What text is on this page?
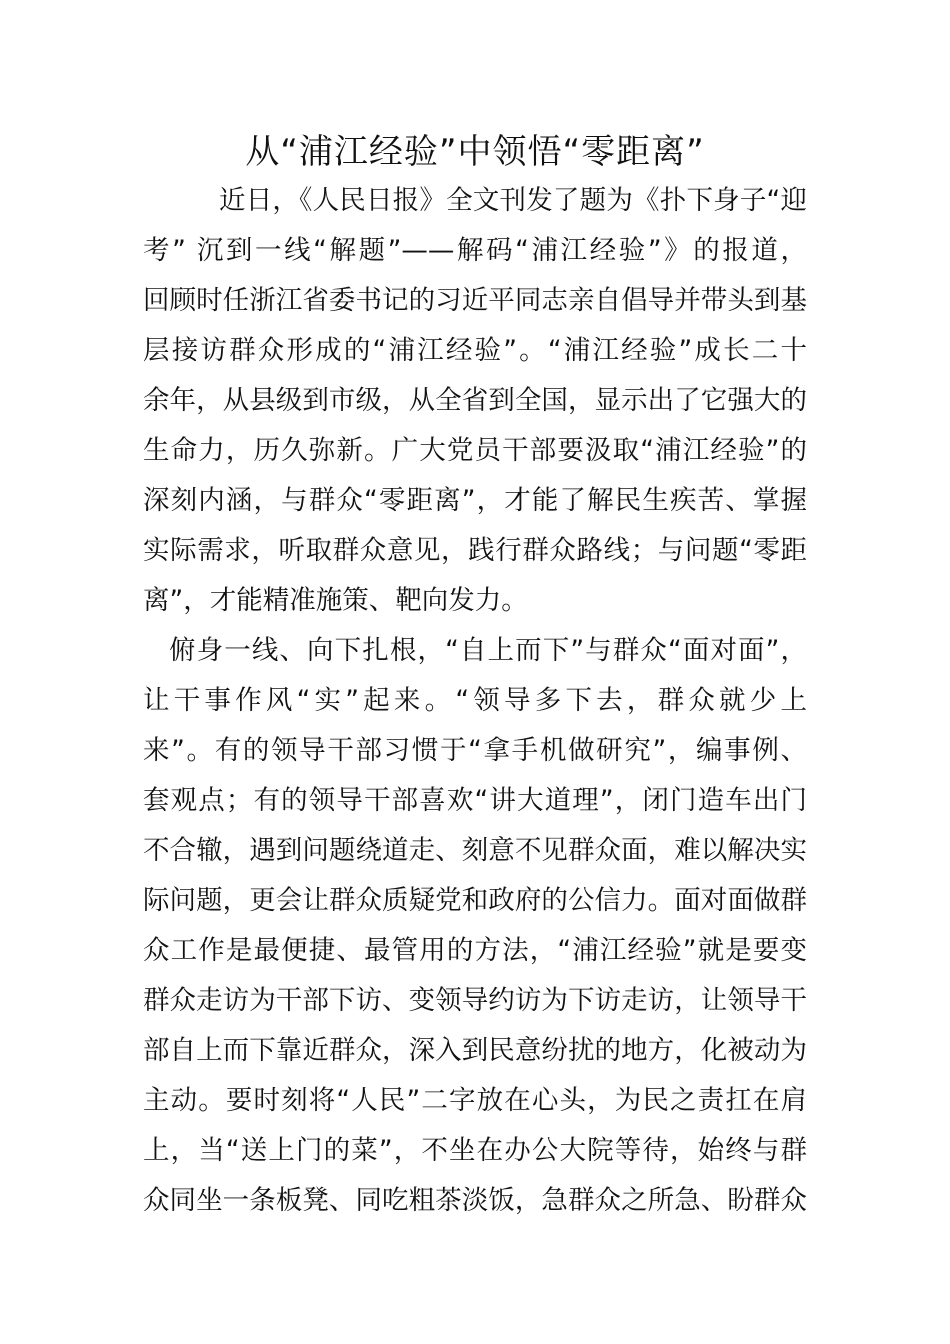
从“浦江经验”中领悟“零距离”

近日，《人民日报》全文刊发了题为《扑下身子“迎

考” 沉到一线“解题”——解码“浦江经验”》的报道，

回顾时任浙江省委书记的习近平同志亲自倡导并带头到基

层接访群众形成的“浦江经验”。“浦江经验”成长二十

余年，从县级到市级，从全省到全国，显示出了它强大的

生命力，历久弥新。广大党员干部要汲取“浦江经验”的

深刻内涵，与群众“零距离”，才能了解民生疾苦、掌握

实际需求，听取群众意见，践行群众路线；与问题“零距

离”，才能精准施策、靶向发力。

俯身一线、向下扎根，“自上而下”与群众“面对面”，

让干事作风“实”起来。“领导多下去，群众就少上

来”。有的领导干部习惯于“拿手机做研究”，编事例、

套观点；有的领导干部喜欢“讲大道理”，闭门造车出门

不合辙，遇到问题绕道走、刻意不见群众面，难以解决实

际问题，更会让群众质疑党和政府的公信力。面对面做群

众工作是最便捷、最管用的方法，“浦江经验”就是要变

群众走访为干部下访、变领导约访为下访走访，让领导干

部自上而下靠近群众，深入到民意纷扰的地方，化被动为

主动。要时刻将“人民”二字放在心头，为民之责扛在肩

上，当“送上门的菜”，不坐在办公大院等待，始终与群

众同坐一条板凳、同吃粗茶淡饭，急群众之所急、盼群众
